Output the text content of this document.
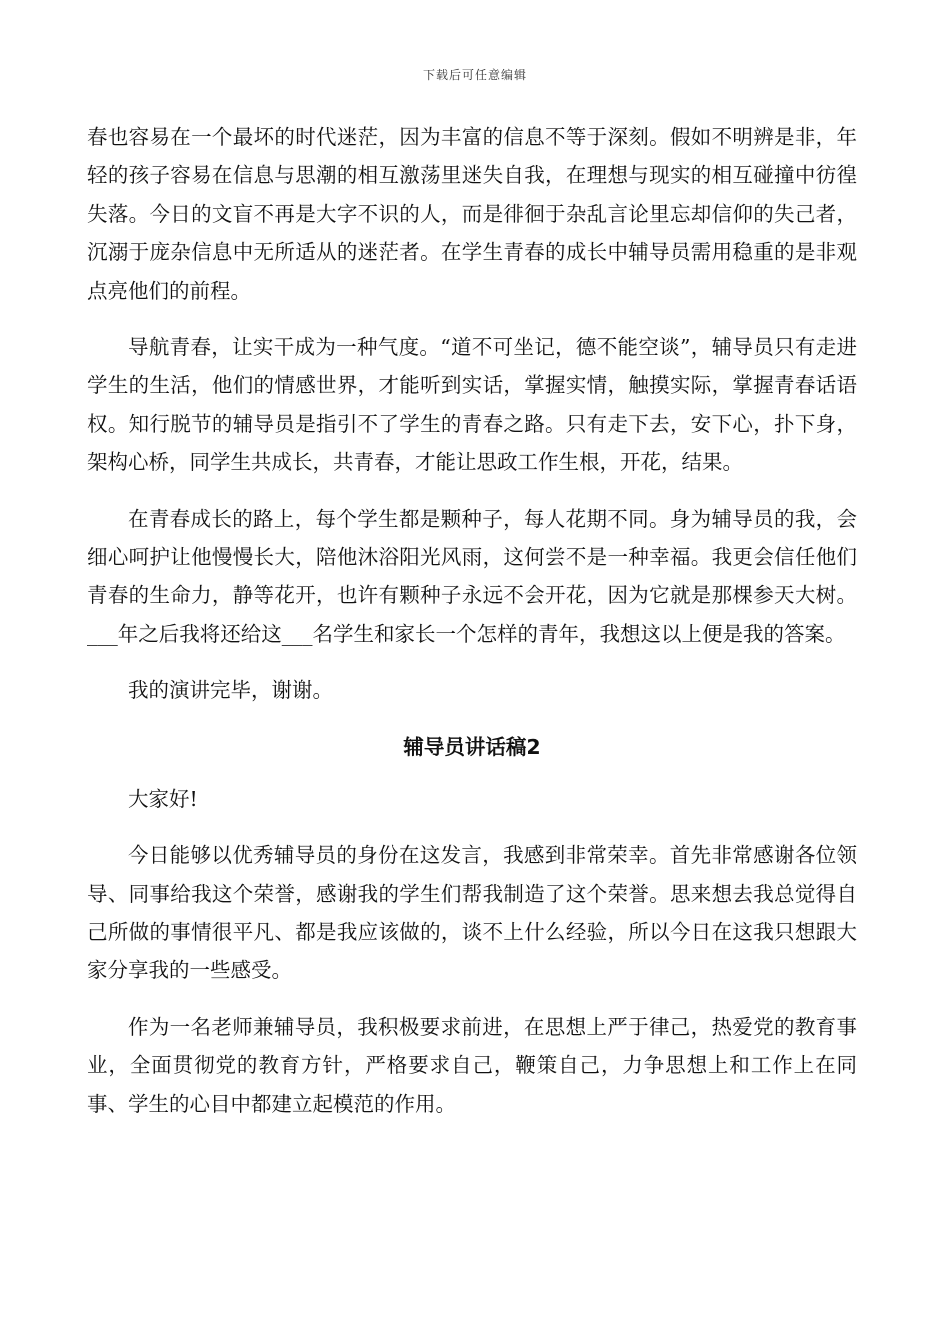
下载后可任意编辑

春也容易在一个最坏的时代迷茫，因为丰富的信息不等于深刻。假如不明辨是非，年轻的孩子容易在信息与思潮的相互激荡里迷失自我，在理想与现实的相互碰撞中彷徨失落。今日的文盲不再是大字不识的人，而是徘徊于杂乱言论里忘却信仰的失己者，沉溺于庞杂信息中无所适从的迷茫者。在学生青春的成长中辅导员需用稳重的是非观点亮他们的前程。

导航青春，让实干成为一种气度。“道不可坐记，德不能空谈”，辅导员只有走进学生的生活，他们的情感世界，才能听到实话，掌握实情，触摸实际，掌握青春话语权。知行脱节的辅导员是指引不了学生的青春之路。只有走下去，安下心，扑下身，架构心桥，同学生共成长，共青春，才能让思政工作生根，开花，结果。

在青春成长的路上，每个学生都是颗种子，每人花期不同。身为辅导员的我，会细心呵护让他慢慢长大，陪他沐浴阳光风雨，这何尝不是一种幸福。我更会信任他们青春的生命力，静等花开，也许有颗种子永远不会开花，因为它就是那棵参天大树。___年之后我将还给这___名学生和家长一个怎样的青年，我想这以上便是我的答案。

我的演讲完毕，谢谢。

辅导员讲话稿2

大家好!

今日能够以优秀辅导员的身份在这发言，我感到非常荣幸。首先非常感谢各位领导、同事给我这个荣誉，感谢我的学生们帮我制造了这个荣誉。思来想去我总觉得自己所做的事情很平凡、都是我应该做的，谈不上什么经验，所以今日在这我只想跟大家分享我的一些感受。

作为一名老师兼辅导员，我积极要求前进，在思想上严于律己，热爱党的教育事业，全面贯彻党的教育方针，严格要求自己，鞭策自己，力争思想上和工作上在同事、学生的心目中都建立起模范的作用。
